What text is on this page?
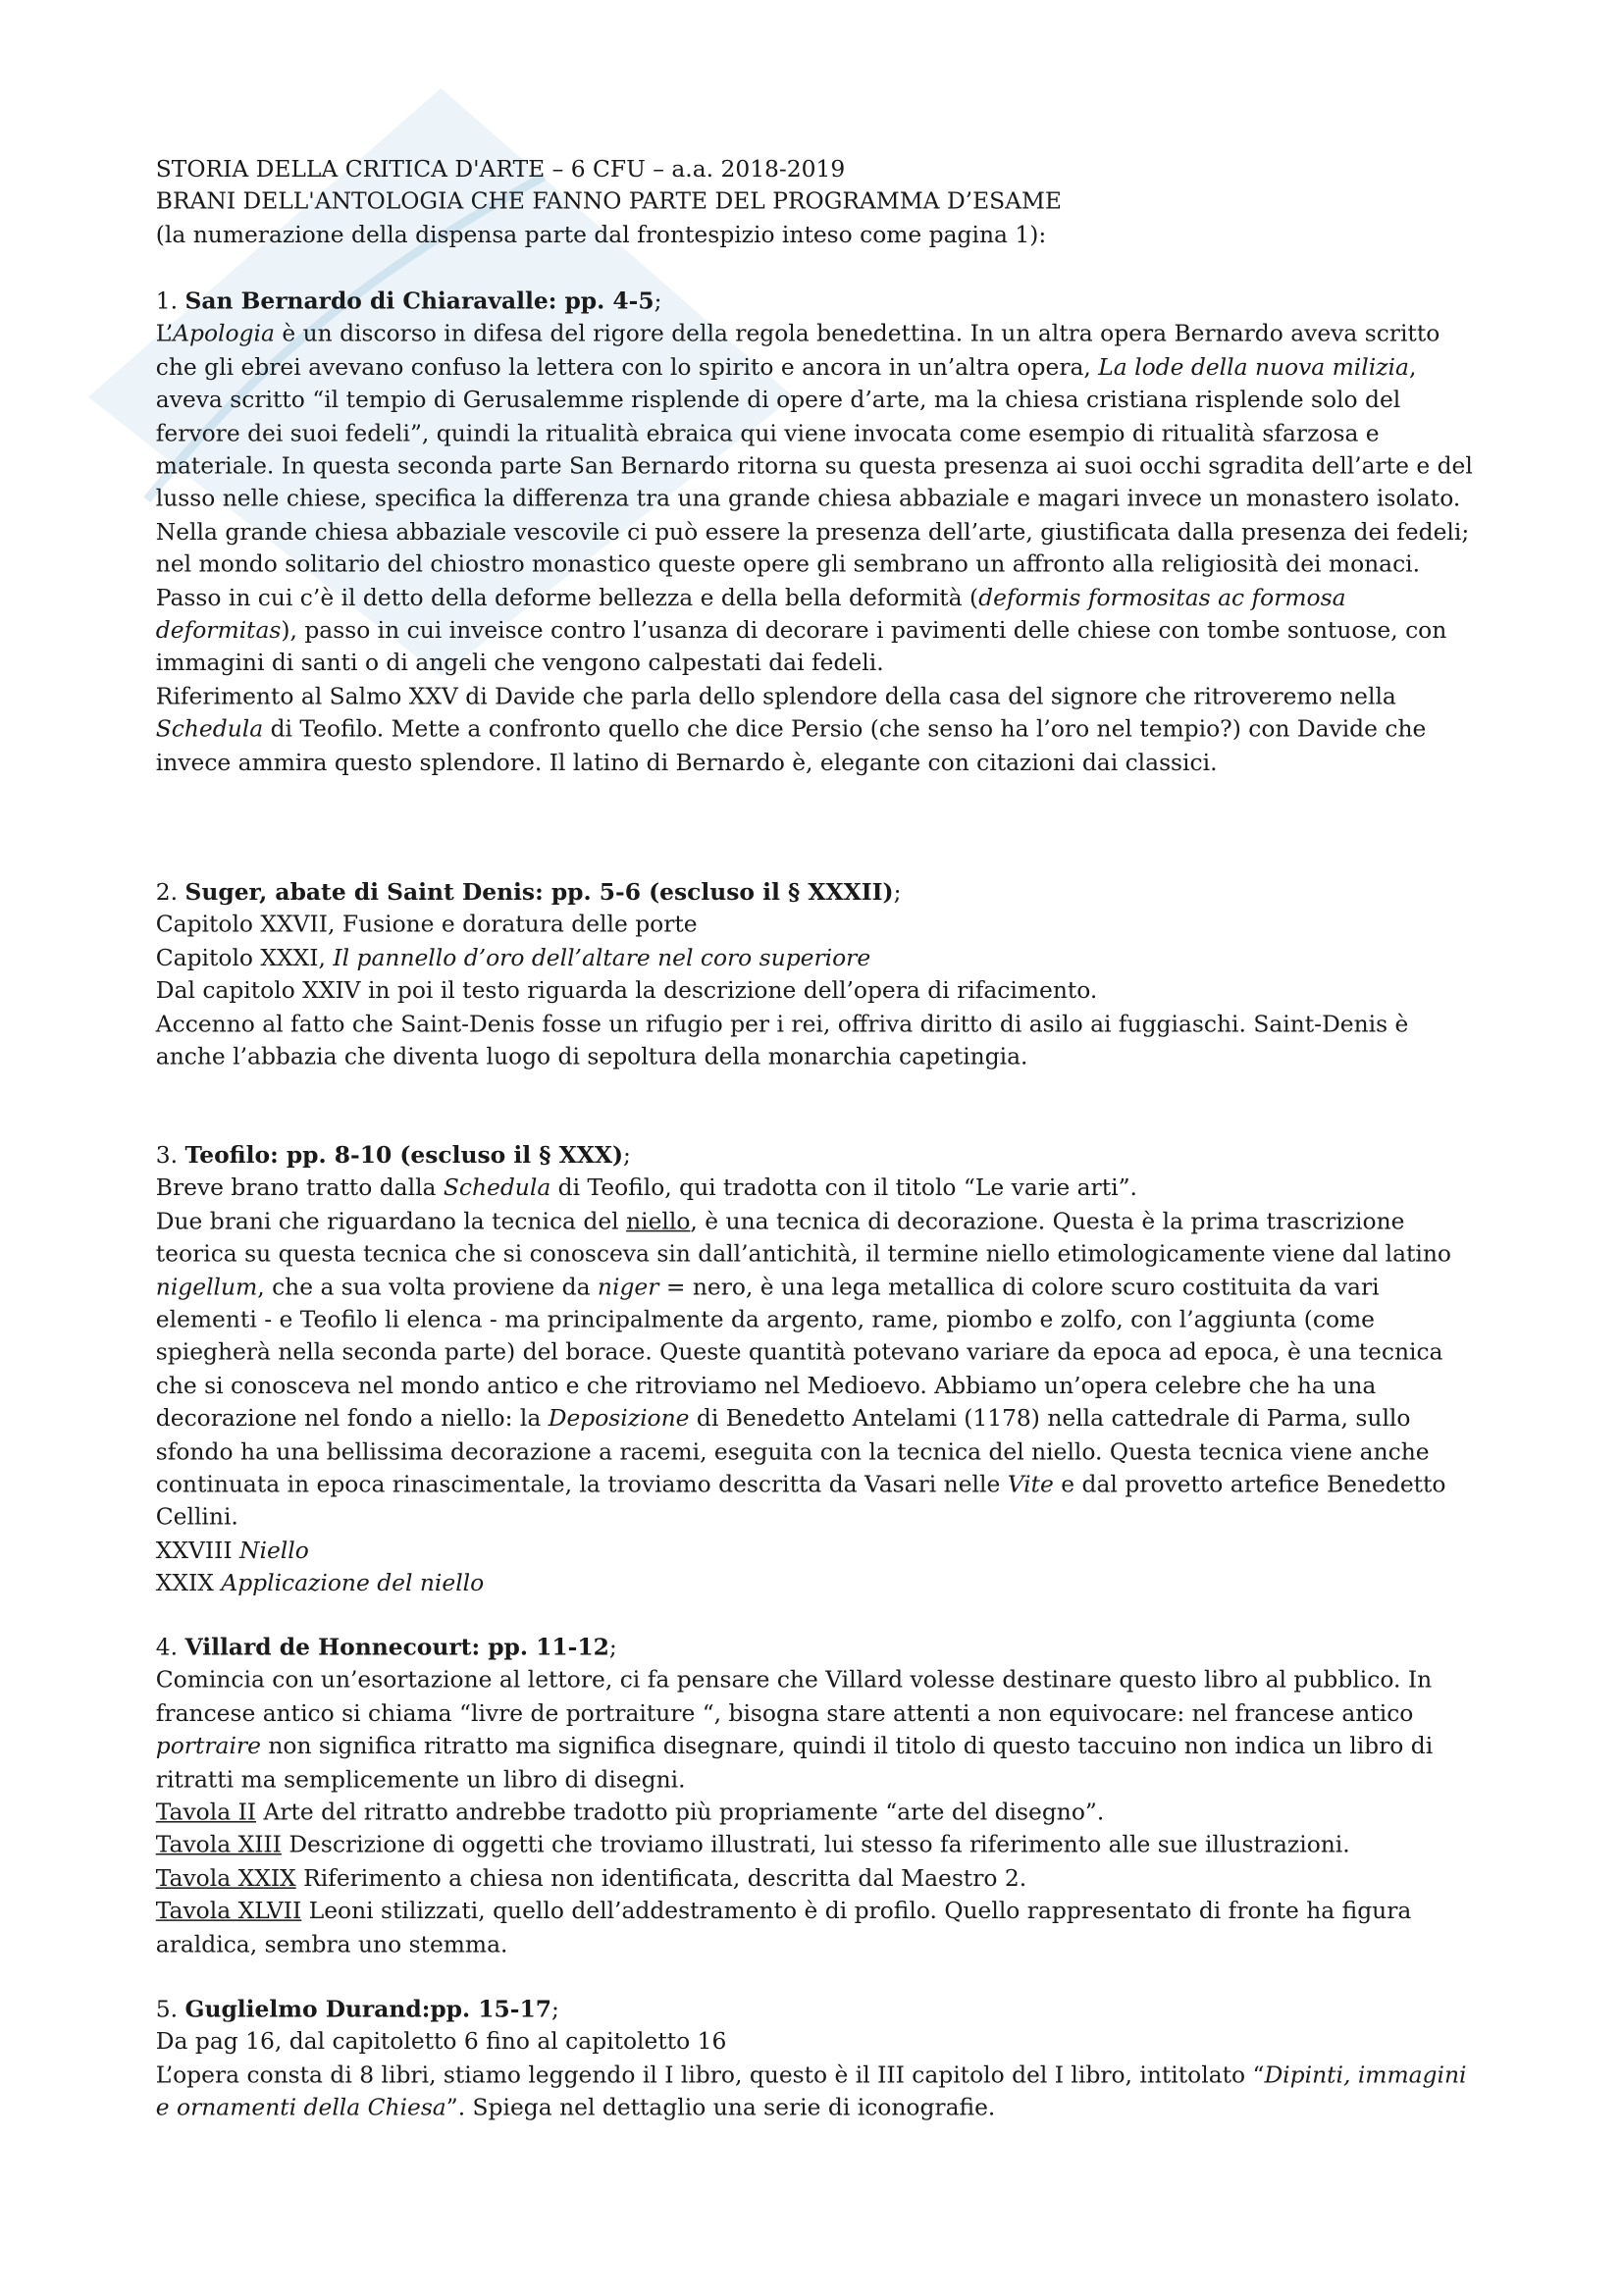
STORIA DELLA CRITICA D'ARTE – 6 CFU – a.a. 2018-2019

BRANI DELL'ANTOLOGIA CHE FANNO PARTE DEL PROGRAMMA D’ESAME

(la numerazione della dispensa parte dal frontespizio inteso come pagina 1):

1. San Bernardo di Chiaravalle: pp. 4-5;

L’Apologia è un discorso in difesa del rigore della regola benedettina. In un altra opera Bernardo aveva scritto che gli ebrei avevano confuso la lettera con lo spirito e ancora in un’altra opera, La lode della nuova milizia, aveva scritto “il tempio di Gerusalemme risplende di opere d’arte, ma la chiesa cristiana risplende solo del fervore dei suoi fedeli”, quindi la ritualità ebraica qui viene invocata come esempio di ritualità sfarzosa e materiale. In questa seconda parte San Bernardo ritorna su questa presenza ai suoi occhi sgradita dell’arte e del lusso nelle chiese, specifica la differenza tra una grande chiesa abbaziale e magari invece un monastero isolato. Nella grande chiesa abbaziale vescovile ci può essere la presenza dell’arte, giustificata dalla presenza dei fedeli; nel mondo solitario del chiostro monastico queste opere gli sembrano un affronto alla religiosità dei monaci. Passo in cui c’è il detto della deforme bellezza e della bella deformità (deformis formositas ac formosa deformitas), passo in cui inveisce contro l’usanza di decorare i pavimenti delle chiese con tombe sontuose, con immagini di santi o di angeli che vengono calpestati dai fedeli.

Riferimento al Salmo XXV di Davide che parla dello splendore della casa del signore che ritroveremo nella Schedula di Teofilo. Mette a confronto quello che dice Persio (che senso ha l’oro nel tempio?) con Davide che invece ammira questo splendore. Il latino di Bernardo è, elegante con citazioni dai classici.

2. Suger, abate di Saint Denis: pp. 5-6 (escluso il § XXXII);

Capitolo XXVII, Fusione e doratura delle porte

Capitolo XXXI, Il pannello d’oro dell’altare nel coro superiore

Dal capitolo XXIV in poi il testo riguarda la descrizione dell’opera di rifacimento.

Accenno al fatto che Saint-Denis fosse un rifugio per i rei, offriva diritto di asilo ai fuggiaschi. Saint-Denis è anche l’abbazia che diventa luogo di sepoltura della monarchia capetingia.

3. Teofilo: pp. 8-10 (escluso il § XXX);

Breve brano tratto dalla Schedula di Teofilo, qui tradotta con il titolo “Le varie arti”.

Due brani che riguardano la tecnica del niello, è una tecnica di decorazione. Questa è la prima trascrizione teorica su questa tecnica che si conosceva sin dall’antichità, il termine niello etimologicamente viene dal latino nigellum, che a sua volta proviene da niger = nero, è una lega metallica di colore scuro costituita da vari elementi - e Teofilo li elenca - ma principalmente da argento, rame, piombo e zolfo, con l’aggiunta (come spiegherà nella seconda parte) del borace. Queste quantità potevano variare da epoca ad epoca, è una tecnica che si conosceva nel mondo antico e che ritroviamo nel Medioevo. Abbiamo un’opera celebre che ha una decorazione nel fondo a niello: la Deposizione di Benedetto Antelami (1178) nella cattedrale di Parma, sullo sfondo ha una bellissima decorazione a racemi, eseguita con la tecnica del niello. Questa tecnica viene anche continuata in epoca rinascimentale, la troviamo descritta da Vasari nelle Vite e dal provetto artefice Benedetto Cellini.

XXVIII Niello

XXIX Applicazione del niello

4. Villard de Honnecourt: pp. 11-12;

Comincia con un’esortazione al lettore, ci fa pensare che Villard volesse destinare questo libro al pubblico. In francese antico si chiama “livre de portraiture “, bisogna stare attenti a non equivocare: nel francese antico portraire non significa ritratto ma significa disegnare, quindi il titolo di questo taccuino non indica un libro di ritratti ma semplicemente un libro di disegni.

Tavola II Arte del ritratto andrebbe tradotto più propriamente “arte del disegno”.

Tavola XIII Descrizione di oggetti che troviamo illustrati, lui stesso fa riferimento alle sue illustrazioni.

Tavola XXIX Riferimento a chiesa non identificata, descritta dal Maestro 2.

Tavola XLVII Leoni stilizzati, quello dell’addestramento è di profilo. Quello rappresentato di fronte ha figura araldica, sembra uno stemma.

5. Guglielmo Durand:pp. 15-17;

Da pag 16, dal capitoletto 6 fino al capitoletto 16

L’opera consta di 8 libri, stiamo leggendo il I libro, questo è il III capitolo del I libro, intitolato “Dipinti, immagini e ornamenti della Chiesa”. Spiega nel dettaglio una serie di iconografie.
